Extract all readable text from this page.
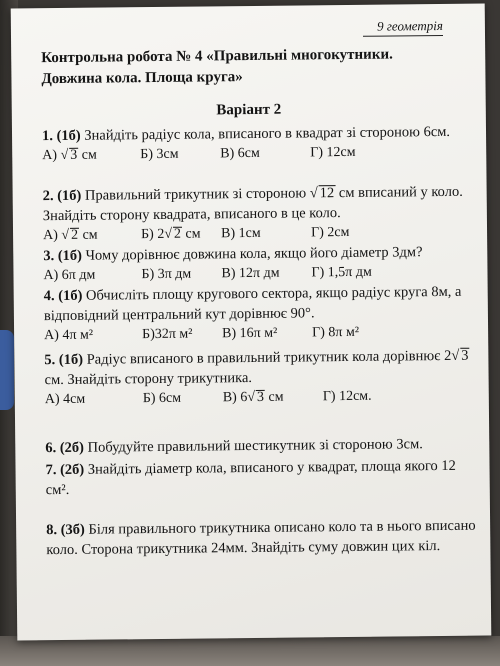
9 геометрія
Контрольна робота № 4 «Правильні многокутники.
Довжина кола. Площа круга»
Варіант 2

1. (1б) Знайдіть радіус кола, вписаного в квадрат зі стороною 6см.

А) √ 3 см	Б) 3см	В) 6см	Г) 12см

2. (1б) Правильний трикутник зі стороною √ 12 см вписаний у коло. Знайдіть сторону квадрата, вписаного в це коло.

А) √ 2 см	Б) 2√ 2 см В) 1см	Г) 2см

3. (1б) Чому дорівнює довжина кола, якщо його діаметр 3дм?

А) 6π дм	Б) 3π дм В) 12π дм Г) 1,5π дм

4. (1б) Обчисліть площу кругового сектора, якщо радіус круга 8м, а відповідний центральний кут дорівнює 90°.

А) 4π м²	Б)32π м² В) 16π м² Г) 8π м²

5. (1б) Радіус вписаного в правильний трикутник кола дорівнює 2√ 3см. Знайдіть сторону трикутника.

А) 4см	Б) 6см	В) 6√ 3 см	Г) 12см.

6. (2б) Побудуйте правильний шестикутник зі стороною 3см.

7. (2б) Знайдіть діаметр кола, вписаного у квадрат, площа якого 12 см².

8. (3б) Біля правильного трикутника описано коло та в нього вписано коло. Сторона трикутника 24мм. Знайдіть суму довжин цих кіл.
